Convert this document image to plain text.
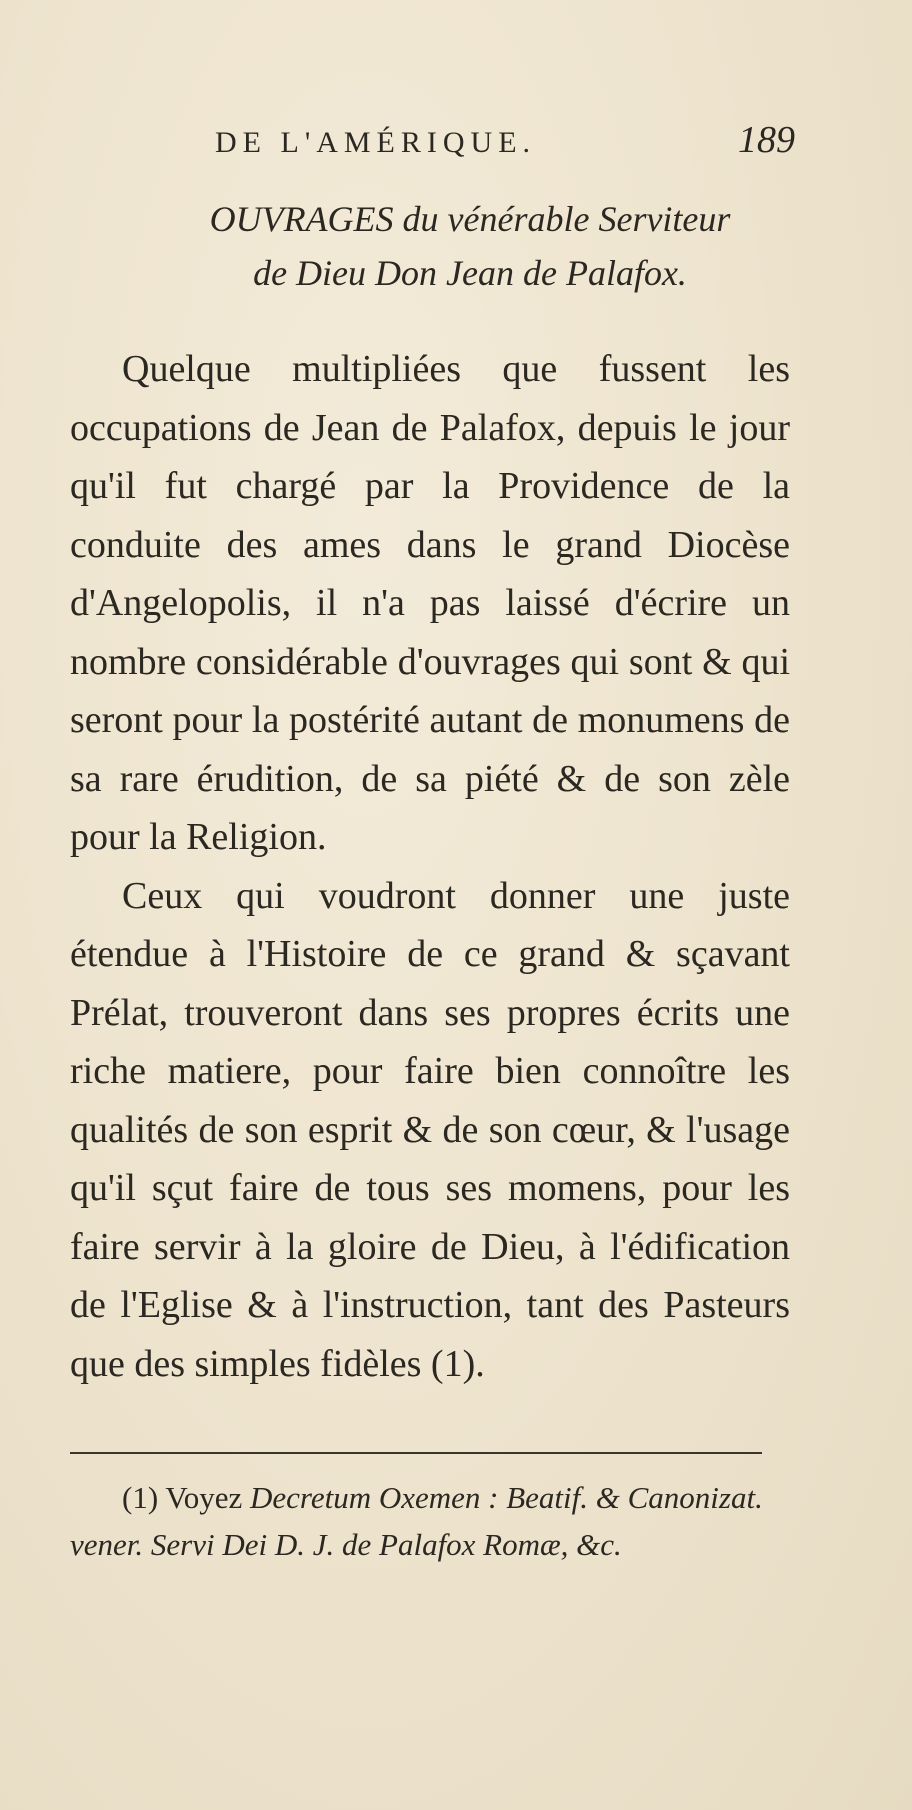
DE L'AMÉRIQUE.	189
OUVRAGES du vénérable Serviteur
de Dieu Don Jean de Palafox.

Quelque multipliées que fussent les occupations de Jean de Palafox, depuis le jour qu'il fut chargé par la Providence de la conduite des ames dans le grand Diocèse d'Angelopolis, il n'a pas laissé d'écrire un nombre considérable d'ouvrages qui sont & qui seront pour la postérité autant de monumens de sa rare érudition, de sa piété & de son zèle pour la Religion.

Ceux qui voudront donner une juste étendue à l'Histoire de ce grand & sçavant Prélat, trouveront dans ses propres écrits une riche matiere, pour faire bien connoître les qualités de son esprit & de son cœur, & l'usage qu'il sçut faire de tous ses momens, pour les faire servir à la gloire de Dieu, à l'édification de l'Eglise & à l'instruction, tant des Pasteurs que des simples fidèles (1).

(1) Voyez Decretum Oxemen : Beatif. & Canonizat. vener. Servi Dei D. J. de Palafox Romæ, &c.
